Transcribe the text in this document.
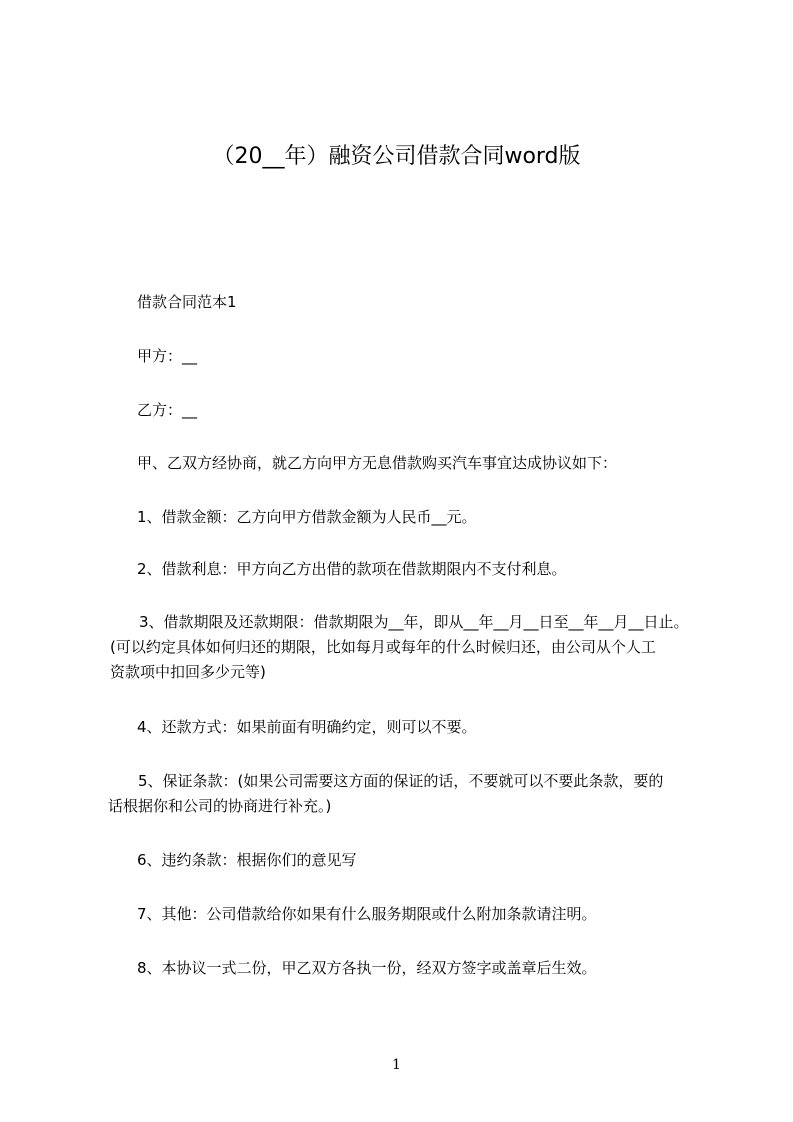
（20__年）融资公司借款合同word版
借款合同范本1
甲方：__
乙方：__
甲、乙双方经协商，就乙方向甲方无息借款购买汽车事宜达成协议如下：
1、借款金额：乙方向甲方借款金额为人民币__元。
2、借款利息：甲方向乙方出借的款项在借款期限内不支付利息。
3、借款期限及还款期限：借款期限为__年，即从__年__月__日至__年__月__日止。
(可以约定具体如何归还的期限，比如每月或每年的什么时候归还，由公司从个人工
资款项中扣回多少元等)
4、还款方式：如果前面有明确约定，则可以不要。
5、保证条款：(如果公司需要这方面的保证的话，不要就可以不要此条款，要的
话根据你和公司的协商进行补充。)
6、违约条款：根据你们的意见写
7、其他：公司借款给你如果有什么服务期限或什么附加条款请注明。
8、本协议一式二份，甲乙双方各执一份，经双方签字或盖章后生效。
1
